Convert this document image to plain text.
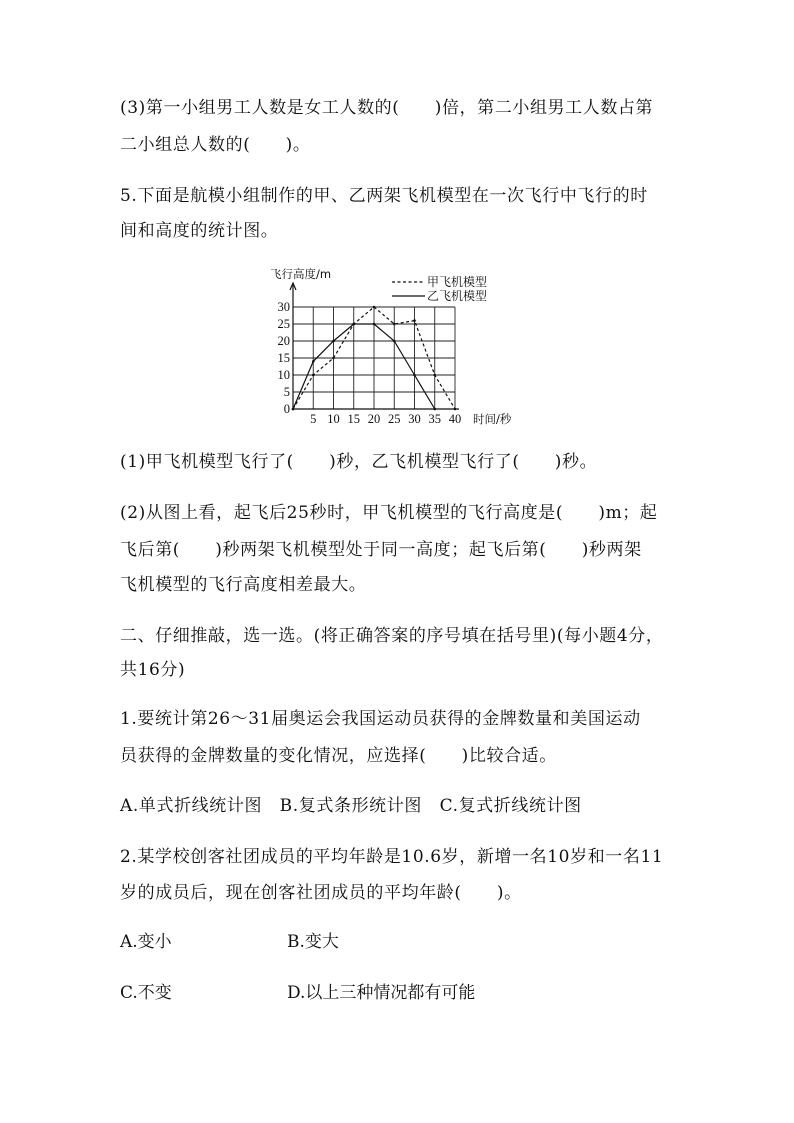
(3)第一小组男工人数是女工人数的(　　)倍，第二小组男工人数占第
二小组总人数的(　　)。
5.下面是航模小组制作的甲、乙两架飞机模型在一次飞行中飞行的时
间和高度的统计图。
0
5
10
15
20
25
30
5 10 15 20 25 30 35 40
飞行高度/m
时间/秒
甲飞机模型
乙飞机模型
(1)甲飞机模型飞行了(　　)秒，乙飞机模型飞行了(　　)秒。
(2)从图上看，起飞后25秒时，甲飞机模型的飞行高度是(　　)m；起
飞后第(　　)秒两架飞机模型处于同一高度；起飞后第(　　)秒两架
飞机模型的飞行高度相差最大。
二、仔细推敲，选一选。(将正确答案的序号填在括号里)(每小题4分，
共16分)
1.要统计第26～31届奥运会我国运动员获得的金牌数量和美国运动
员获得的金牌数量的变化情况，应选择(　　)比较合适。
A.单式折线统计图　B.复式条形统计图　C.复式折线统计图
2.某学校创客社团成员的平均年龄是10.6岁，新增一名10岁和一名11
岁的成员后，现在创客社团成员的平均年龄(　　)。
A.变小	B.变大
C.不变	D.以上三种情况都有可能
